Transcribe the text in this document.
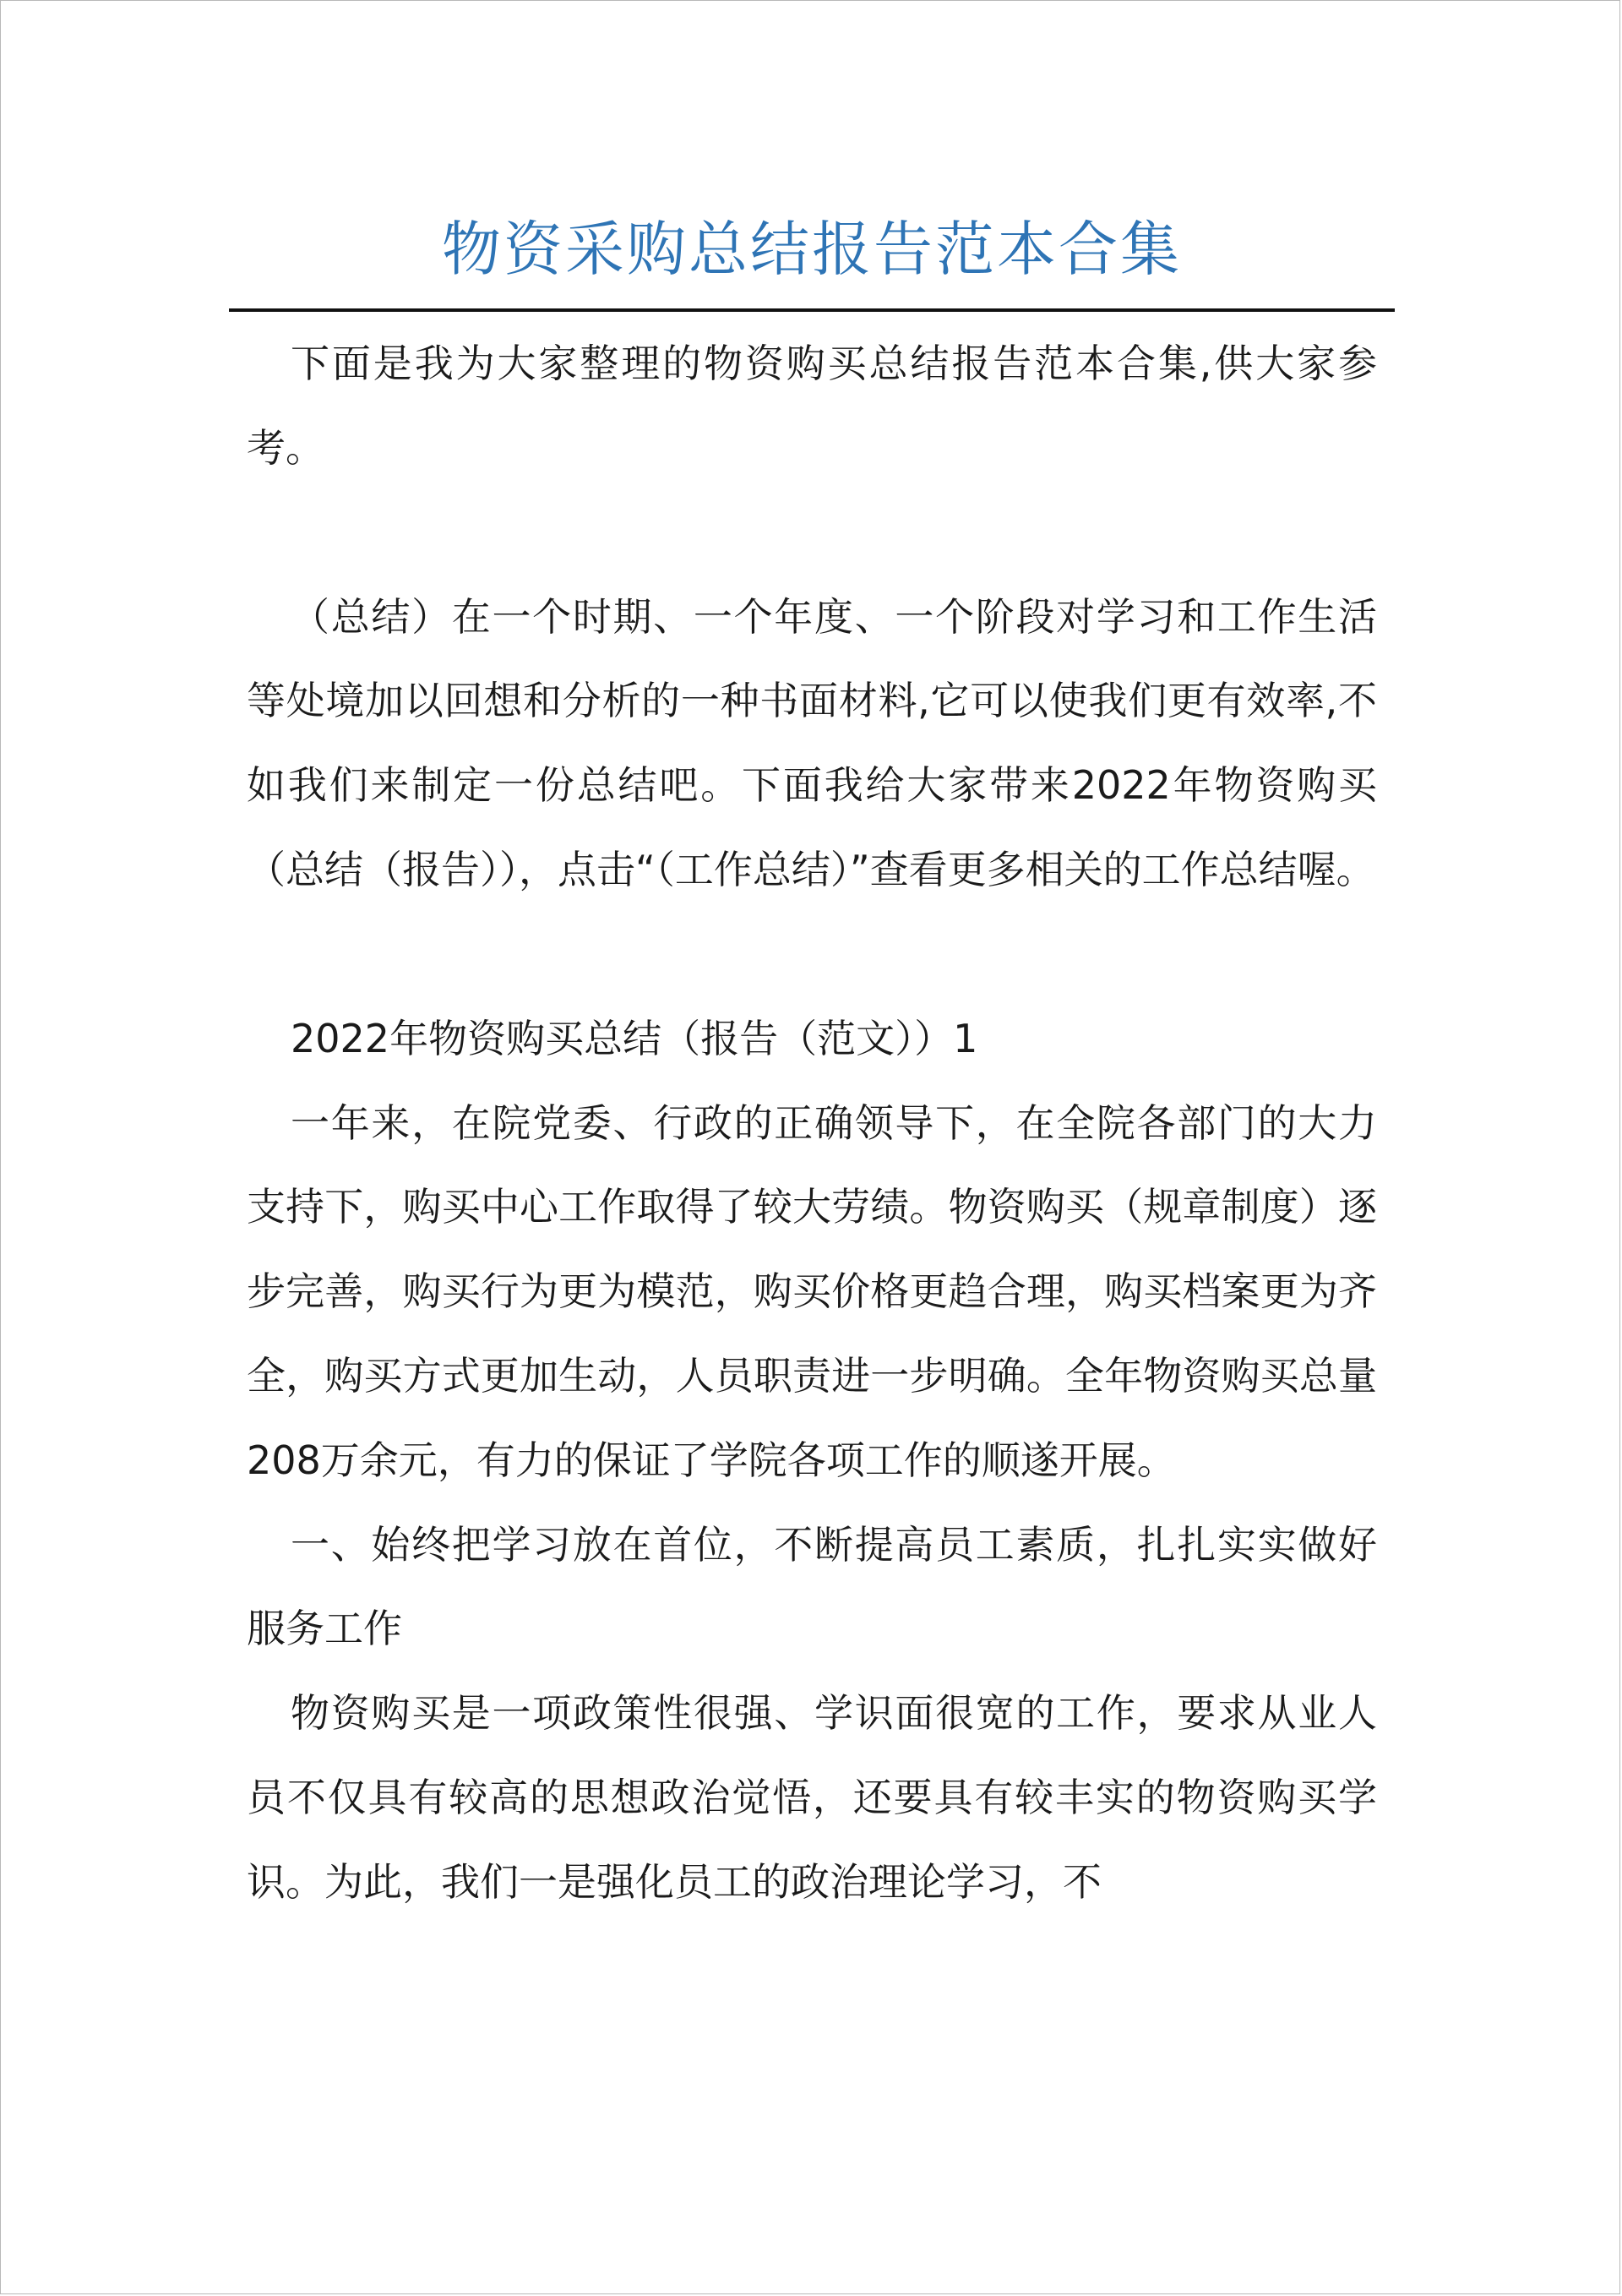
物资采购总结报告范本合集

下面是我为大家整理的物资购买总结报告范本合集,供大家参考。

（总结）在一个时期、一个年度、一个阶段对学习和工作生活等处境加以回想和分析的一种书面材料,它可以使我们更有效率,不如我们来制定一份总结吧。下面我给大家带来2022年物资购买（总结（报告）），点击“（工作总结）”查看更多相关的工作总结喔。

2022年物资购买总结（报告（范文））1

一年来，在院党委、行政的正确领导下，在全院各部门的大力支持下，购买中心工作取得了较大劳绩。物资购买（规章制度）逐步完善，购买行为更为模范，购买价格更趋合理，购买档案更为齐全，购买方式更加生动，人员职责进一步明确。全年物资购买总量208万余元，有力的保证了学院各项工作的顺遂开展。

一、始终把学习放在首位，不断提高员工素质，扎扎实实做好服务工作

物资购买是一项政策性很强、学识面很宽的工作，要求从业人员不仅具有较高的思想政治觉悟，还要具有较丰实的物资购买学识。为此，我们一是强化员工的政治理论学习，不
